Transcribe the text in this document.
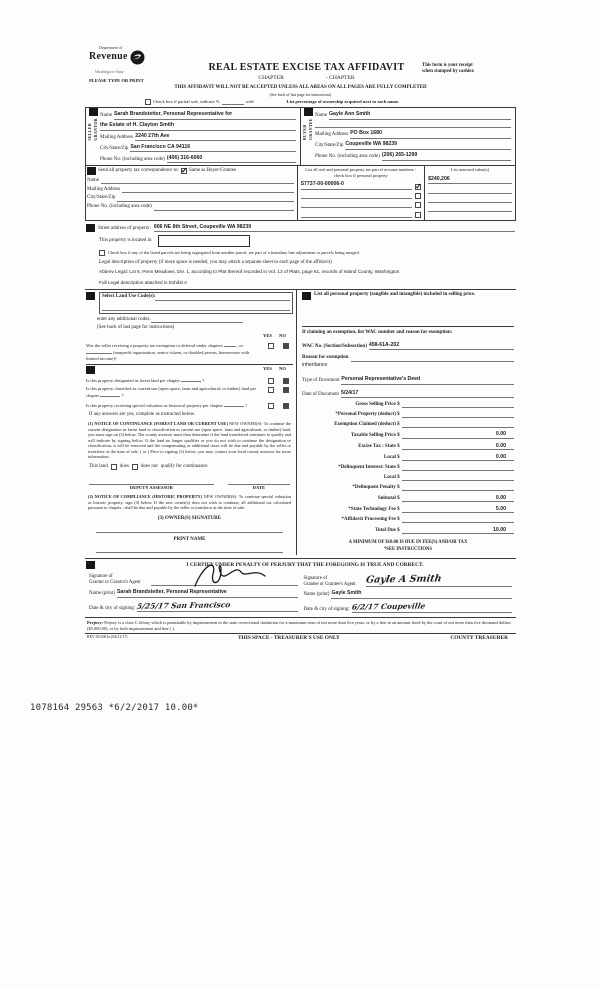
Department of
Revenue
Washington State
PLEASE TYPE OR PRINT
REAL ESTATE EXCISE TAX AFFIDAVIT
CHAPTER	- CHAPTER
This form is your receipt
when stamped by cashier.
THIS AFFIDAVIT WILL NOT BE ACCEPTED UNLESS ALL AREAS ON ALL PAGES ARE FULLY COMPLETED
(See back of last page for instructions)
Check box if partial sale, indicate %	sold.	List percentage of ownership acquired next to each name.
SELLER GRANTOR
Name Sarah Brandstetter, Personal Representative for
the Estate of H. Clayton Smith
Mailing Address 2240 27th Ave
City/State/Zip San Francisco CA 94116
Phone No. (including area code) (406) 316-6060
BUYER GRANTEE
Name Gayle Ann Smith
Mailing Address PO Box 1680
City/State/Zip Coupeville WA 98239
Phone No. (including area code) (206) 265-1299
Send all property tax correspondence to: ✓ Same as Buyer/Grantee
Name
Mailing Address
City/State/Zip
Phone No. (including area code)
List all real and personal property tax parcel account numbers - check box if personal property
S7737-00-00006-0
✓
List assessed value(s)
$240,206
Street address of property: 606 NE 8th Street, Coupeville WA 98239
This property is located in
Check box if any of the listed parcels are being segregated from another parcel, are part of a boundary line adjustment or parcels being merged.
Legal description of property (if more space is needed, you may attach a separate sheet to each page of the affidavit)
Abbrev Legal: Lot 6, Penn Meadows, Div. 1, according to Plat thereof recorded in Vol. 13 of Plats, page 61, records of Island County, Washington
Full Legal description attached in Exhibit A
Select Land Use Code(s):
enter any additional codes:
(See back of last page for instructions)
YES	NO
Was the seller receiving a property tax exemption or deferral under chapters	, or  (nonprofit organization, senior citizen, or disabled person, homeowner with limited income)?
YES	NO
Is this property designated as forest land per chapter	?
Is this property classified as current use (open space, farm and agricultural, or timber) land per chapter	?
Is this property receiving special valuation as historical property per chapter	?
If any answers are yes, complete as instructed below.
(1) NOTICE OF CONTINUANCE (FOREST LAND OR CURRENT USE) NEW OWNER(S): To continue the current designation as forest land or classification as current use (open space, farm and agricultural, or timber) land, you must sign on (3) below. The county assessor must then determine if the land transferred continues to qualify and will indicate by signing below. If the land no longer qualifies or you do not wish to continue the designation or classification, it will be removed and the compensating or additional taxes will be due and payable by the seller or transferor at the time of sale. ( or ) Prior to signing (3) below, you may contact your local county assessor for more information.
This land does does not qualify for continuance.
DEPUTY ASSESSOR	DATE
(2) NOTICE OF COMPLIANCE (HISTORIC PROPERTY) NEW OWNER(S): To continue special valuation as historic property, sign (3) below. If the new owner(s) does not wish to continue, all additional tax calculated pursuant to chapter , shall be due and payable by the seller or transferor at the time of sale.
(3) OWNER(S) SIGNATURE
PRINT NAME
List all personal property (tangible and intangible) included in selling price.
If claiming an exemption, list WAC number and reason for exemption:
WAC No. (Section/Subsection) 458-61A-202
Reason for exemption
inheritance
Type of Document Personal Representative's Deed
Date of Document 5/24/17
Gross Selling Price $
*Personal Property (deduct) $
Exemption Claimed (deduct) $
Taxable Selling Price $	0.00
Excise Tax : State $	0.00
Local $	0.00
*Delinquent Interest: State $
Local $
*Delinquent Penalty $
Subtotal $	0.00
*State Technology Fee $	5.00
*Affidavit Processing Fee $
Total Due $	10.00
A MINIMUM OF $10.00 IS DUE IN FEE(S) AND/OR TAX
*SEE INSTRUCTIONS
I CERTIFY UNDER PENALTY OF PERJURY THAT THE FOREGOING IS TRUE AND CORRECT.
Signature of
Grantor or Grantor's Agent
Name (print) Sarah Brandstetter, Personal Representative
Date & city of signing: 5/25/17 San Francisco
Signature of
Grantee or Grantee's Agent Gayle A Smith
Name (print) Gayle Smith
Date & city of signing: 6/2/17 Coupeville
Perjury: Perjury is a class C felony which is punishable by imprisonment in the state correctional institution for a maximum term of not more than five years, or by a fine in an amount fixed by the court of not more than five thousand dollars ($5,000.00), or by both imprisonment and fine ( ).
REV 84 0001a (04/21/17)	THIS SPACE - TREASURER'S USE ONLY	COUNTY TREASURER
1078164 29563 *6/2/2017 10.00*
